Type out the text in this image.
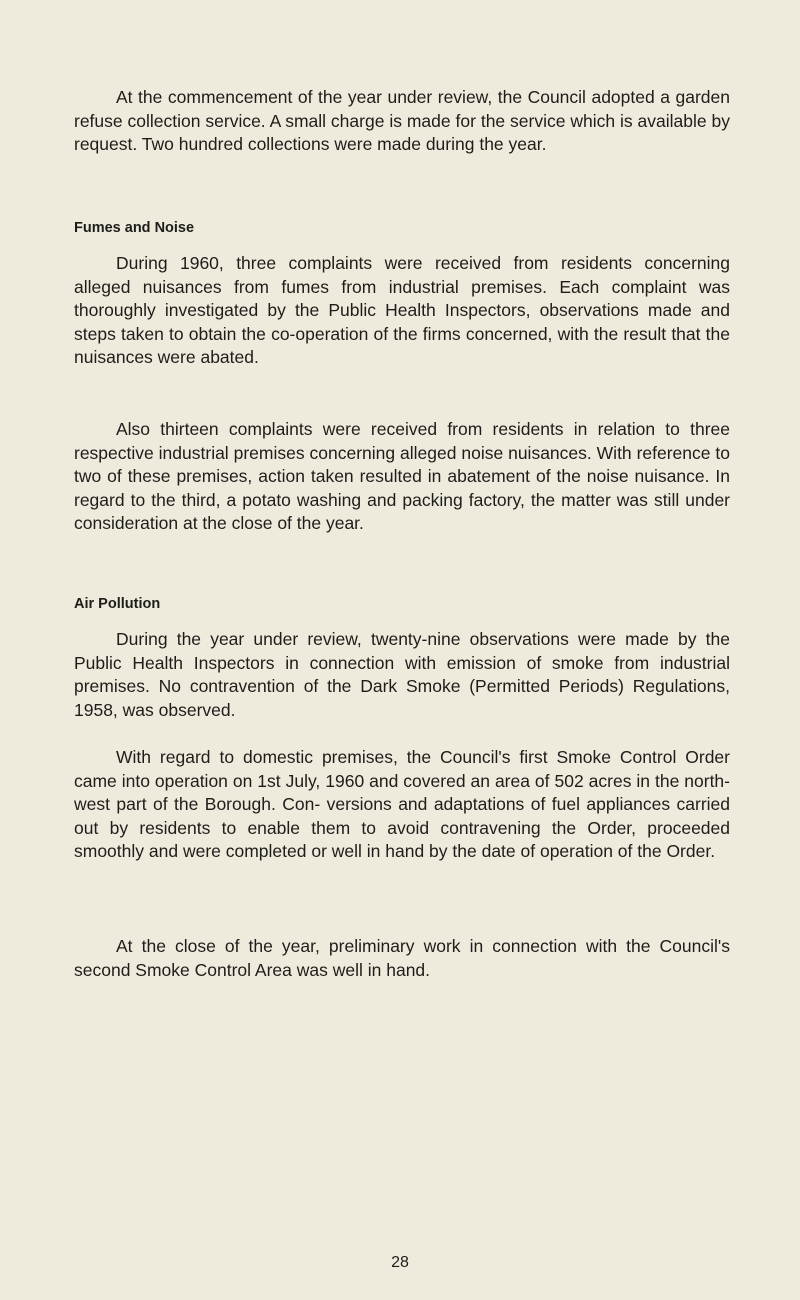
At the commencement of the year under review, the Council adopted a garden refuse collection service. A small charge is made for the service which is available by request. Two hundred collections were made during the year.

Fumes and Noise

During 1960, three complaints were received from residents concerning alleged nuisances from fumes from industrial premises. Each complaint was thoroughly investigated by the Public Health Inspectors, observations made and steps taken to obtain the co-operation of the firms concerned, with the result that the nuisances were abated.

Also thirteen complaints were received from residents in relation to three respective industrial premises concerning alleged noise nuisances. With reference to two of these premises, action taken resulted in abatement of the noise nuisance. In regard to the third, a potato washing and packing factory, the matter was still under consideration at the close of the year.

Air Pollution

During the year under review, twenty-nine observations were made by the Public Health Inspectors in connection with emission of smoke from industrial premises. No contravention of the Dark Smoke (Permitted Periods) Regulations, 1958, was observed.

With regard to domestic premises, the Council's first Smoke Control Order came into operation on 1st July, 1960 and covered an area of 502 acres in the north-west part of the Borough. Con- versions and adaptations of fuel appliances carried out by residents to enable them to avoid contravening the Order, proceeded smoothly and were completed or well in hand by the date of operation of the Order.

At the close of the year, preliminary work in connection with the Council's second Smoke Control Area was well in hand.

28
